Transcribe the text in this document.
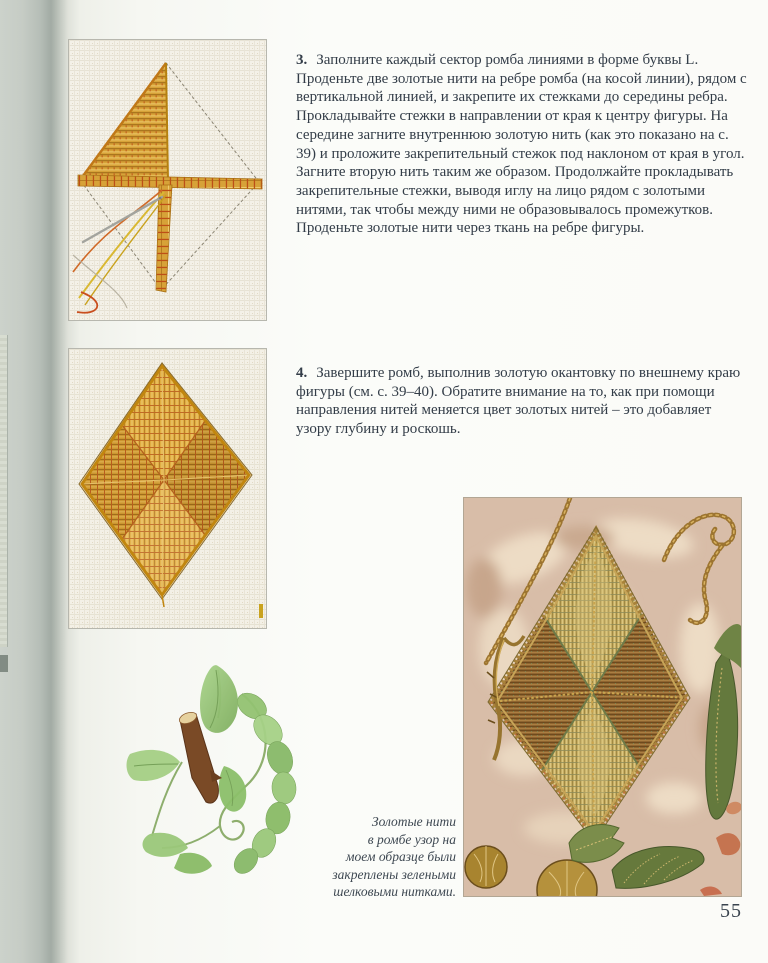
3. Заполните каждый сектор ромба линиями в форме буквы L. Проденьте две золотые нити на ребре ромба (на косой линии), рядом с вертикальной линией, и закрепите их стежками до середины ребра. Прокладывайте стежки в направлении от края к центру фигуры. На середине загните внутреннюю золотую нить (как это показано на с. 39) и проложите закрепительный стежок под наклоном от края в угол. Загните вторую нить таким же образом. Продолжайте прокладывать закрепительные стежки, выводя иглу на лицо рядом с золотыми нитями, так чтобы между ними не образовывалось промежутков. Проденьте золотые нити через ткань на ребре фигуры.

4. Завершите ромб, выполнив золотую окантовку по внешнему краю фигуры (см. с. 39–40). Обратите внимание на то, как при помощи направления нитей меняется цвет золотых нитей – это добавляет узору глубину и роскошь.

Золотые нити
в ромбе узор на
моем образце были
закреплены зелеными
шелковыми нитками.
55
